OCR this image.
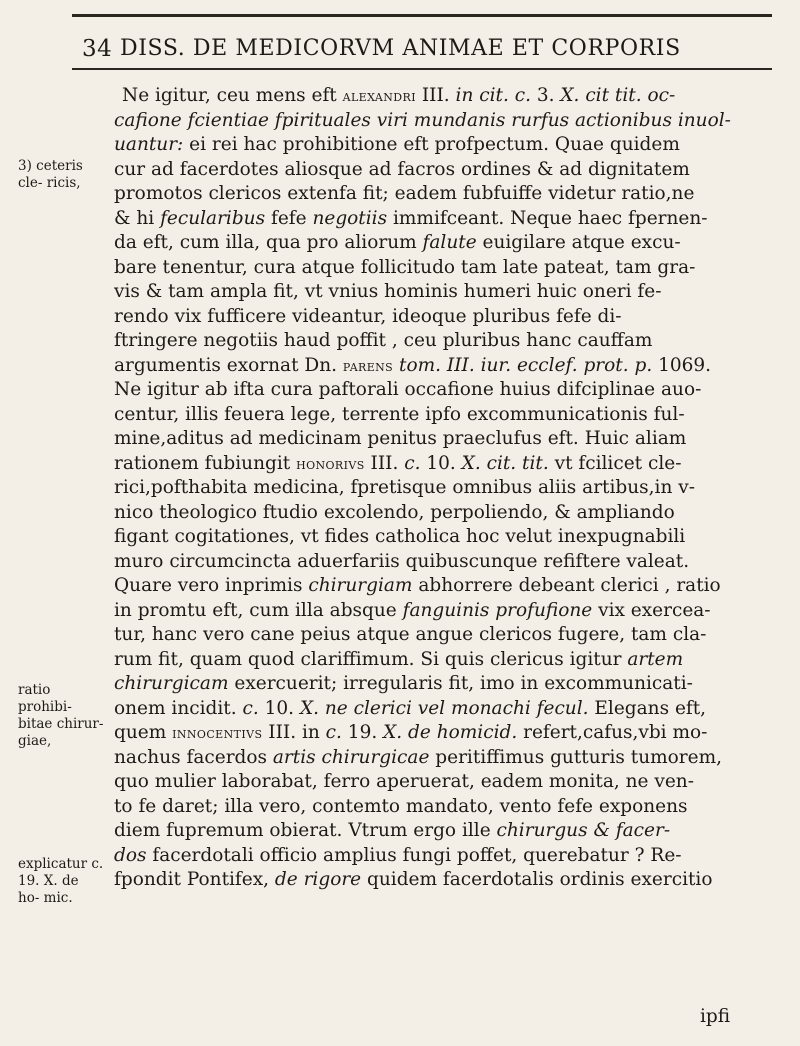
34 DISS. DE MEDICORVM ANIMAE ET CORPORIS
3) ceteris cle- ricis,
ratio prohibi- bitae chirur- giae,
explicatur c. 19. X. de ho- mic.
Ne igitur, ceu mens eft alexandri III. in cit. c. 3. X. cit tit. oc-
cafione fcientiae fpirituales viri mundanis rurfus actionibus inuol-
uantur: ei rei hac prohibitione eft profpectum. Quae quidem
cur ad facerdotes aliosque ad facros ordines & ad dignitatem
promotos clericos extenfa fit; eadem fubfuiffe videtur ratio,ne
& hi fecularibus fefe negotiis immifceant. Neque haec fpernen-
da eft, cum illa, qua pro aliorum falute euigilare atque excu-
bare tenentur, cura atque follicitudo tam late pateat, tam gra-
vis & tam ampla fit, vt vnius hominis humeri huic oneri fe-
rendo vix fufficere videantur, ideoque pluribus fefe di-
ftringere negotiis haud poffit , ceu pluribus hanc cauffam
argumentis exornat Dn. parens tom. III. iur. ecclef. prot. p. 1069.
Ne igitur ab ifta cura paftorali occafione huius difciplinae auo-
centur, illis feuera lege, terrente ipfo excommunicationis ful-
mine,aditus ad medicinam penitus praeclufus eft. Huic aliam
rationem fubiungit honorivs III. c. 10. X. cit. tit. vt fcilicet cle-
rici,pofthabita medicina, fpretisque omnibus aliis artibus,in v-
nico theologico ftudio excolendo, perpoliendo, & ampliando
figant cogitationes, vt fides catholica hoc velut inexpugnabili
muro circumcincta aduerfariis quibuscunque refiftere valeat.
Quare vero inprimis chirurgiam abhorrere debeant clerici , ratio
in promtu eft, cum illa absque fanguinis profufione vix exercea-
tur, hanc vero cane peius atque angue clericos fugere, tam cla-
rum fit, quam quod clariffimum. Si quis clericus igitur artem
chirurgicam exercuerit; irregularis fit, imo in excommunicati-
onem incidit. c. 10. X. ne clerici vel monachi fecul. Elegans eft,
quem innocentivs III. in c. 19. X. de homicid. refert,cafus,vbi mo-
nachus facerdos artis chirurgicae peritiffimus gutturis tumorem,
quo mulier laborabat, ferro aperuerat, eadem monita, ne ven-
to fe daret; illa vero, contemto mandato, vento fefe exponens
diem fupremum obierat. Vtrum ergo ille chirurgus & facer-
dos facerdotali officio amplius fungi poffet, querebatur ? Re-
fpondit Pontifex, de rigore quidem facerdotalis ordinis exercitio
ipfi
